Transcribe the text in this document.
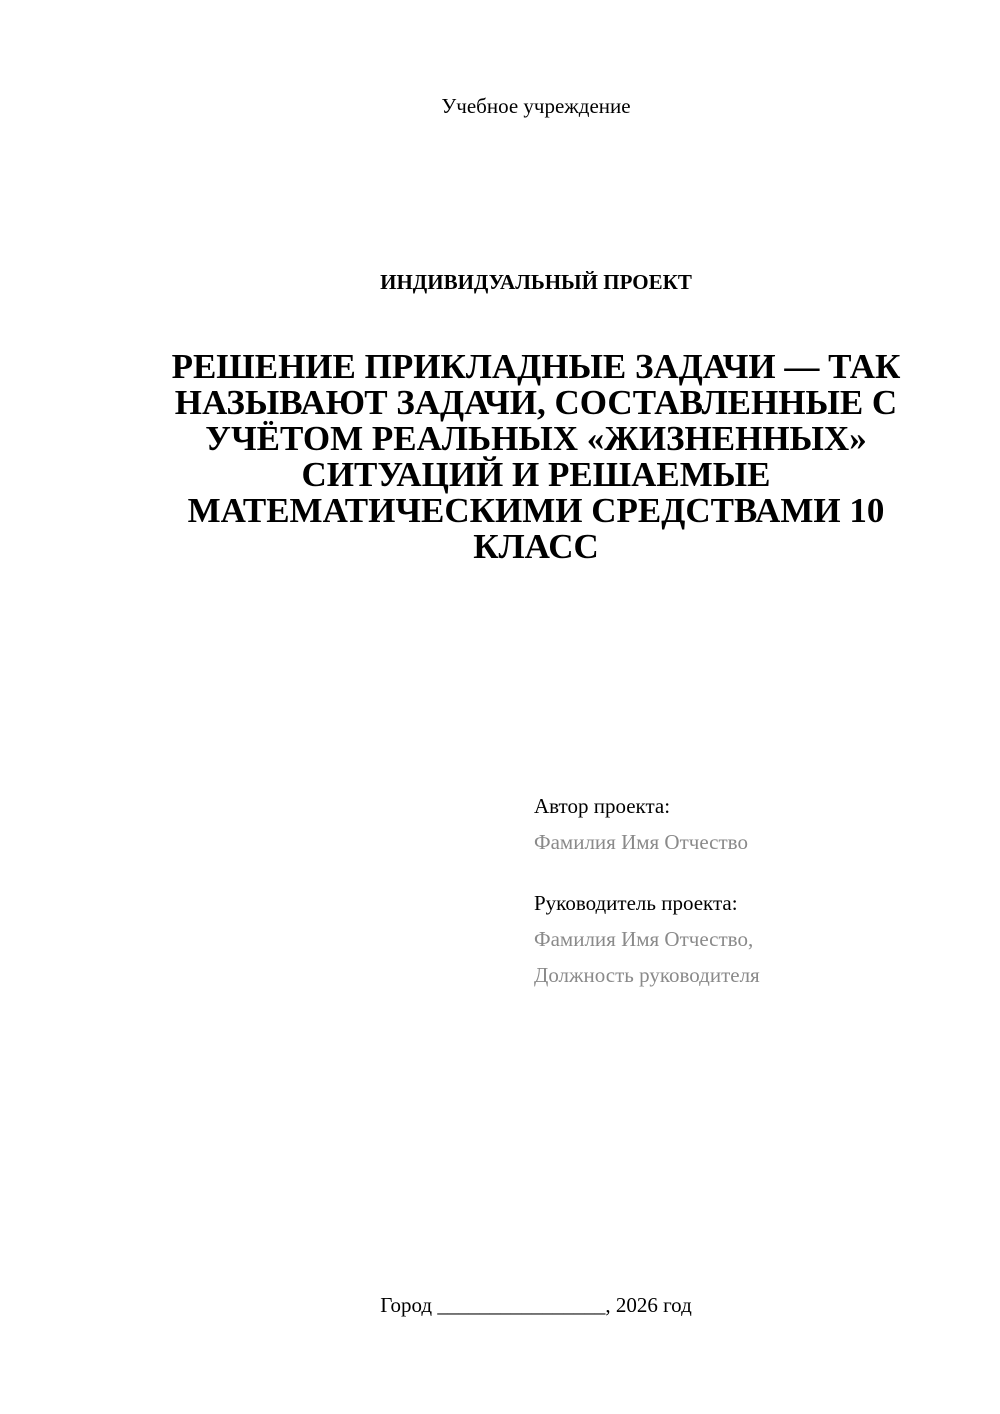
Учебное учреждение
ИНДИВИДУАЛЬНЫЙ ПРОЕКТ
РЕШЕНИЕ ПРИКЛАДНЫЕ ЗАДАЧИ — ТАК НАЗЫВАЮТ ЗАДАЧИ, СОСТАВЛЕННЫЕ С УЧЁТОМ РЕАЛЬНЫХ «ЖИЗНЕННЫХ» СИТУАЦИЙ И РЕШАЕМЫЕ МАТЕМАТИЧЕСКИМИ СРЕДСТВАМИ 10 КЛАСС
Автор проекта:
Фамилия Имя Отчество
Руководитель проекта:
Фамилия Имя Отчество,
Должность руководителя
Город ________________, 2026 год
